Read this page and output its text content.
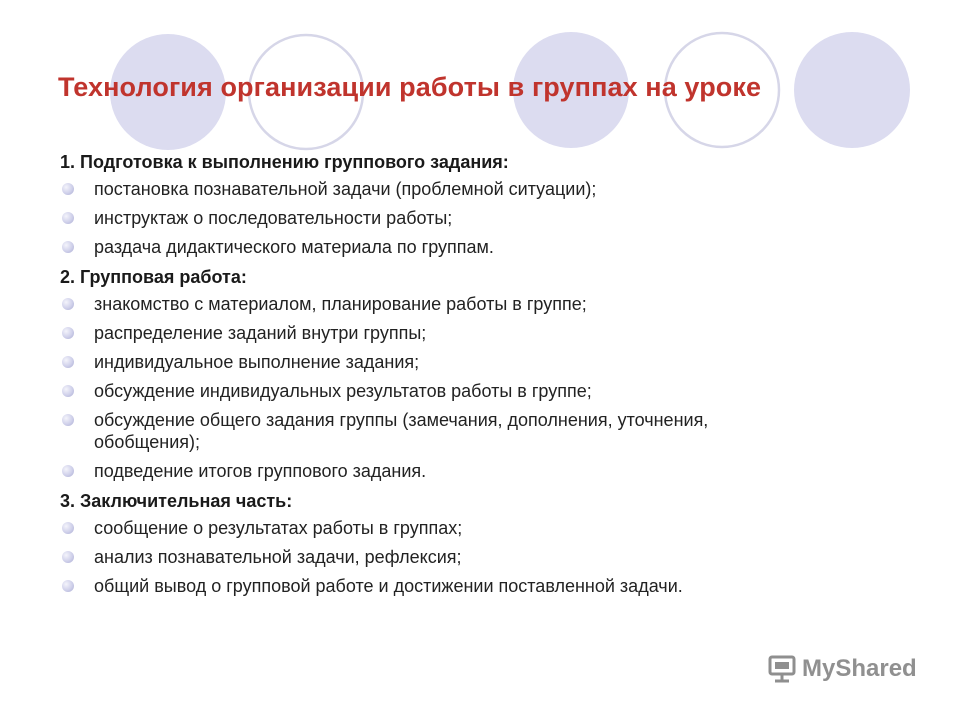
Технология организации работы в группах на уроке
1. Подготовка к выполнению группового задания:
постановка познавательной задачи (проблемной ситуации);
инструктаж о последовательности работы;
раздача дидактического материала по группам.
2. Групповая работа:
знакомство с материалом, планирование работы в группе;
распределение заданий внутри группы;
индивидуальное выполнение задания;
обсуждение индивидуальных результатов работы в группе;
обсуждение общего задания группы (замечания, дополнения, уточнения, обобщения);
подведение итогов группового задания.
3. Заключительная часть:
сообщение о результатах работы в группах;
анализ познавательной задачи, рефлексия;
общий вывод о групповой работе и достижении поставленной задачи.
MyShared
